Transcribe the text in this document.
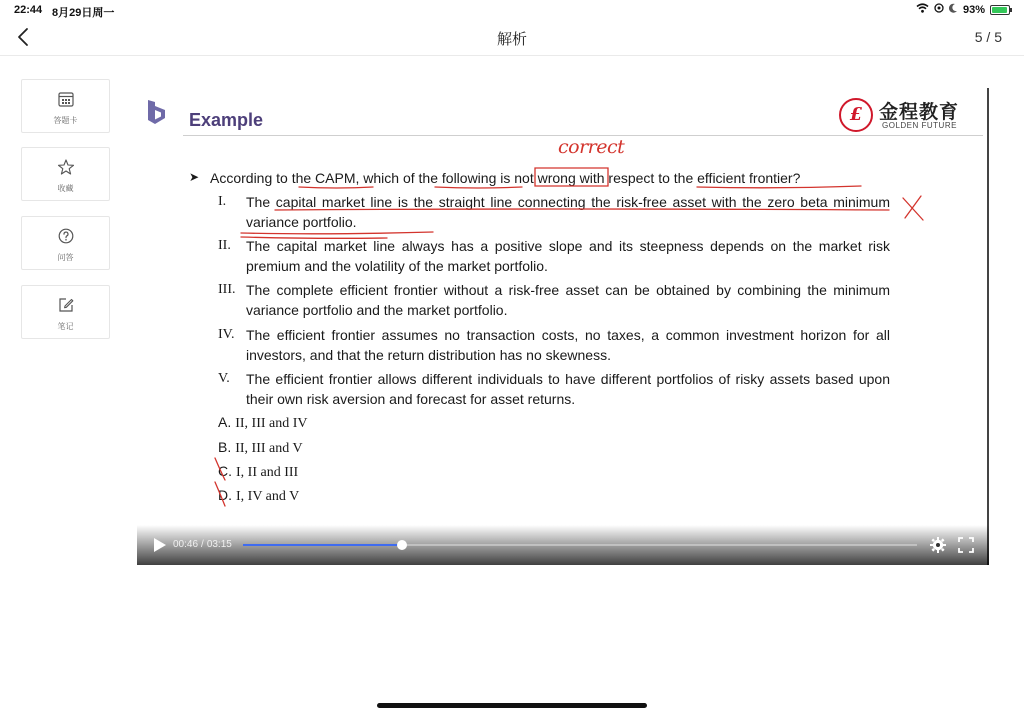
22:44 8月29日周一	93%
解析	5 / 5
答题卡
收藏
问答
笔记
Example	£ 金程教育
GOLDEN FUTURE
➤ According to the CAPM, which of the following is not wrong with respect to the efficient frontier?
I. The capital market line is the straight line connecting the risk-free asset with the zero beta minimum variance portfolio.
II. The capital market line always has a positive slope and its steepness depends on the market risk premium and the volatility of the market portfolio.
III. The complete efficient frontier without a risk-free asset can be obtained by combining the minimum variance portfolio and the market portfolio.
IV. The efficient frontier assumes no transaction costs, no taxes, a common investment horizon for all investors, and that the return distribution has no skewness.
V. The efficient frontier allows different individuals to have different portfolios of risky assets based upon their own risk aversion and forecast for asset returns.
A. II, III and IV
B. II, III and V
C. I, II and III
D. I, IV and V
correct
00:46 / 03:15
